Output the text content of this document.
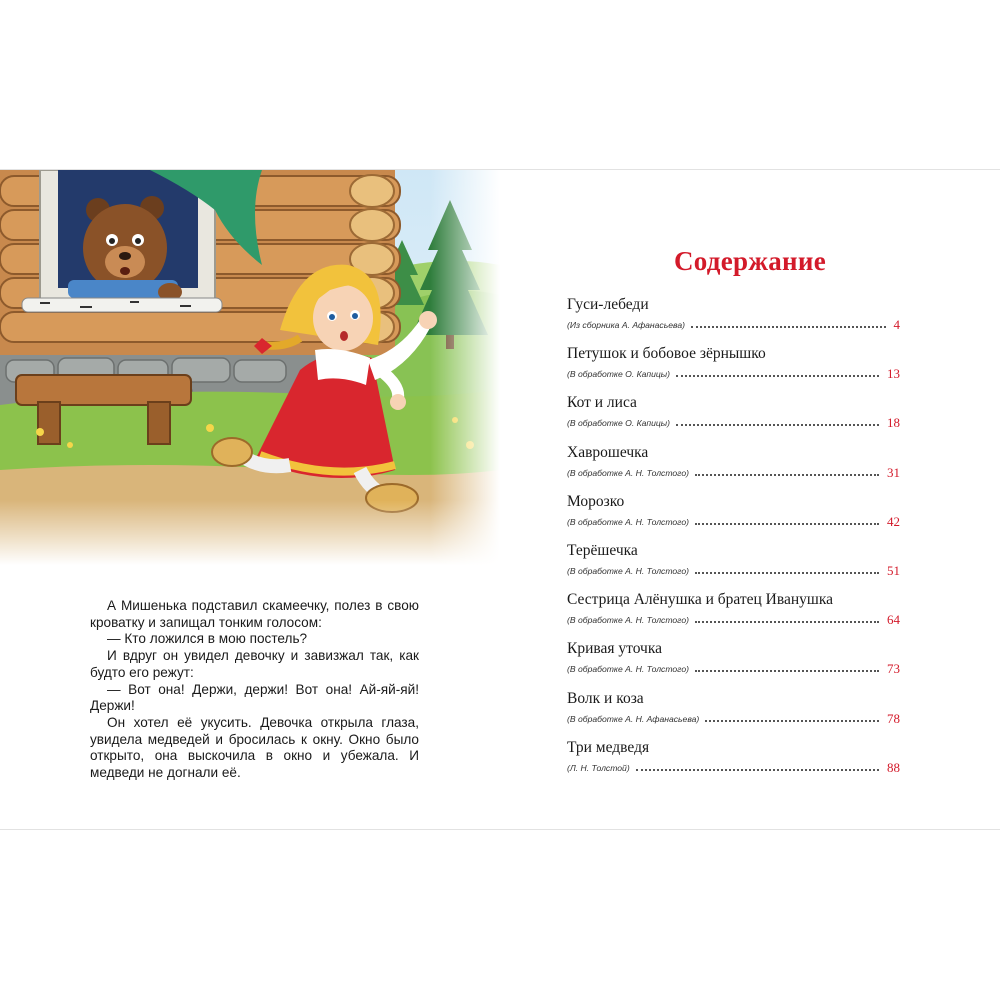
А Мишенька подставил скамеечку, полез в свою кроватку и запищал тонким голосом:

— Кто ложился в мою постель?

И вдруг он увидел девочку и завизжал так, как будто его режут:

— Вот она! Держи, держи! Вот она! Ай-яй-яй! Держи!

Он хотел её укусить. Девочка открыла глаза, увидела медведей и бросилась к окну. Окно было открыто, она выскочила в окно и убежала. И медведи не догнали её.

Содержание
Гуси-лебеди
(Из сборника А. Афанасьева)	4
Петушок и бобовое зёрнышко
(В обработке О. Капицы)	13
Кот и лиса
(В обработке О. Капицы)	18
Хаврошечка
(В обработке А. Н. Толстого)	31
Морозко
(В обработке А. Н. Толстого)	42
Терёшечка
(В обработке А. Н. Толстого)	51
Сестрица Алёнушка и братец Иванушка
(В обработке А. Н. Толстого)	64
Кривая уточка
(В обработке А. Н. Толстого)	73
Волк и коза
(В обработке А. Н. Афанасьева)	78
Три медведя
(Л. Н. Толстой)	88
